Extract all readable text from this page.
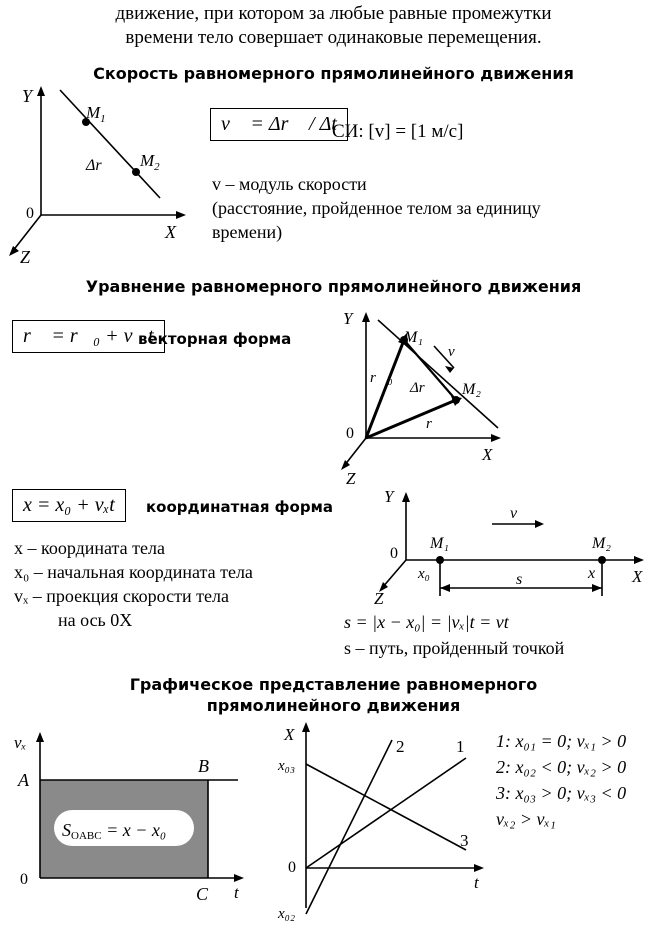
движение, при котором за любые равные промежутки
времени тело совершает одинаковые перемещения.
Скорость равномерного прямолинейного движения
Y
X
Z
0
$M_1$
$M_2$
Δr⃗
v⃗ = Δr⃗ / Δt
СИ: [v] = [1 м/с]
v – модуль скорости
(расстояние, пройденное телом за единицу
времени)
Уравнение равномерного прямолинейного движения
r⃗ = r⃗₀ + v⃗t
векторная форма
Y
X
Z
0
M₁
M₂
r⃗₀
Δr⃗
r⃗
v⃗
x = x₀ + vₓt	координатная форма
x – координата тела
x₀ – начальная координата тела
vₓ – проекция скорости тела
на ось 0X
Y
X
Z
0
M₁	M₂
x₀	x
s
v⃗
s = |x − x₀| = |vₓ|t = vt
s – путь, пройденный точкой
Графическое представление равномерного
прямолинейного движения
vₓ
t
A
B
C
0
SOABC = x − x₀
X
t
0
x₀₃
x₀₂
1
2
3
1: x₀₁ = 0; vₓ₁ > 0
2: x₀₂ < 0; vₓ₂ > 0
3: x₀₃ > 0; vₓ₃ < 0
vₓ₂ > vₓ₁
